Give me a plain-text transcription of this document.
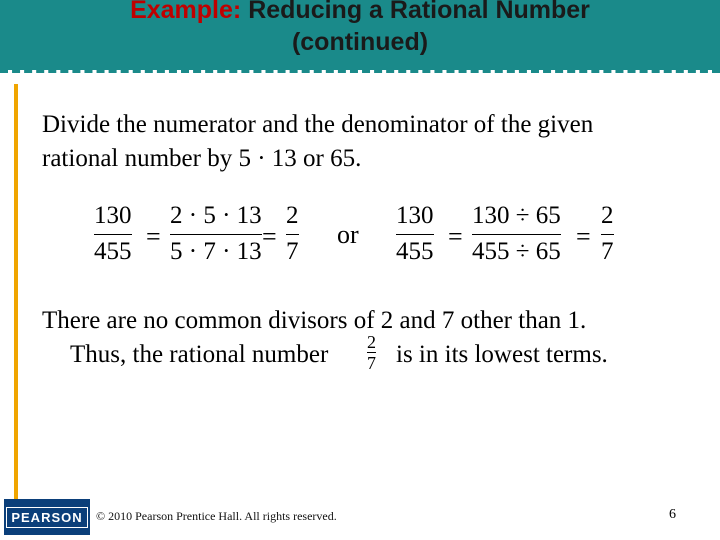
Example: Reducing a Rational Number
(continued)
Divide the numerator and the denominator of the given
rational number by 5 · 13 or 65.
130
455
=
2 · 5 · 13
5 · 7 · 13
=
2
7
or
130
455
=
130 ÷ 65
455 ÷ 65
=
2
7
There are no common divisors of 2 and 7 other than 1.
Thus, the rational number 2
7 is in its lowest terms.
PEARSON	© 2010 Pearson Prentice Hall. All rights reserved.	6
